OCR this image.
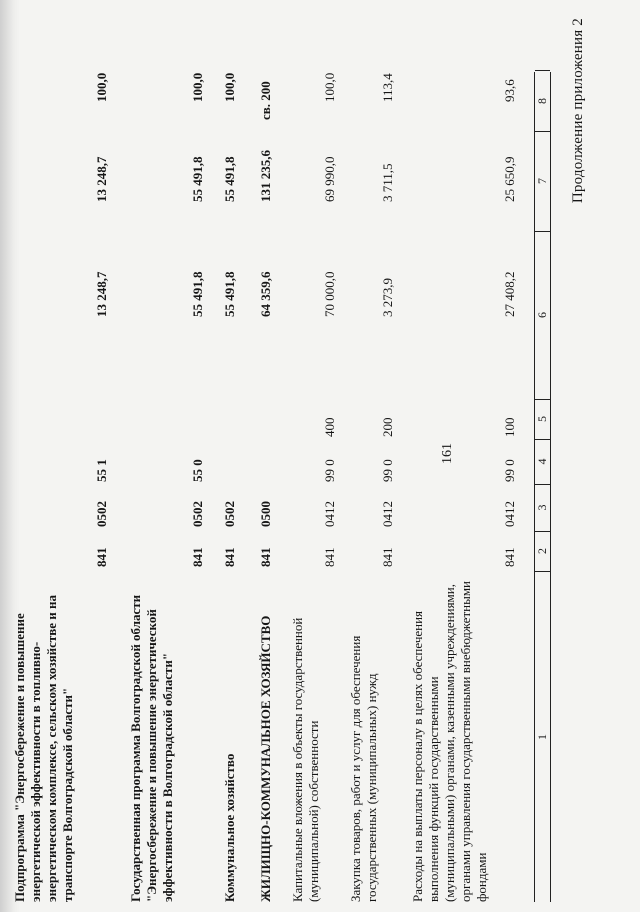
161
Продолжение приложения 2
1
2
3
4
5
6
7
8
Расходы на выплаты персоналу в целях обеспечения выполнения функций государственными (муниципальными) органами, казенными учреждениями, органами управления государственными внебюджетными фондами
841
0412
99 0
100
27 408,2
25 650,9
93,6
Закупка товаров, работ и услуг для обеспечения государственных (муниципальных) нужд
841
0412
99 0
200
3 273,9
3 711,5
113,4
Капитальные вложения в объекты государственной (муниципальной) собственности
841
0412
99 0
400
70 000,0
69 990,0
100,0
ЖИЛИЩНО-КОММУНАЛЬНОЕ ХОЗЯЙСТВО
841
0500
64 359,6
131 235,6
св. 200
Коммунальное хозяйство
841
0502
55 491,8
55 491,8
100,0
Государственная программа Волгоградской области "Энергосбережение и повышение энергетической эффективности в Волгоградской области"
841
0502
55 0
55 491,8
55 491,8
100,0
Подпрограмма "Энергосбережение и повышение энергетической эффективности в топливно-энергетическом комплексе, сельском хозяйстве и на транспорте Волгоградской области"
841
0502
55 1
13 248,7
13 248,7
100,0
